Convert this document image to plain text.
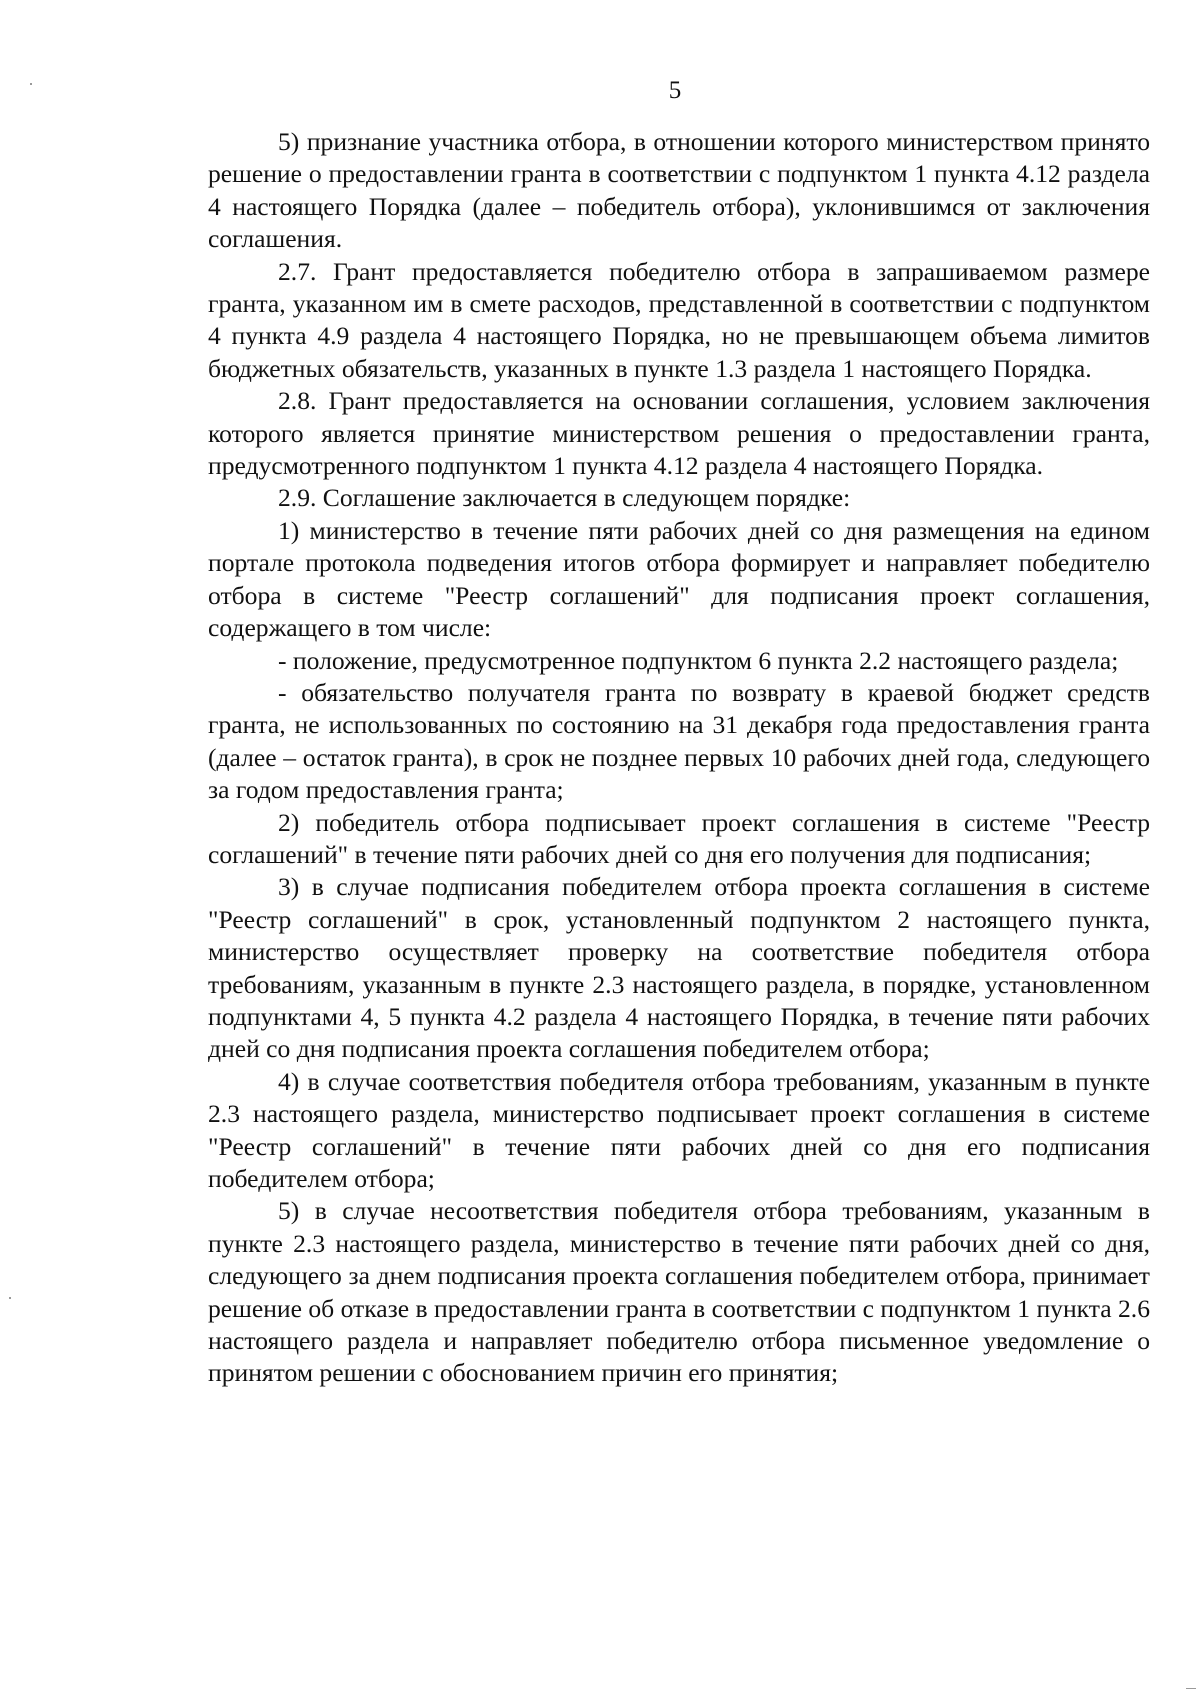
5

5) признание участника отбора, в отношении которого министерством принято решение о предоставлении гранта в соответствии с подпунктом 1 пункта 4.12 раздела 4 настоящего Порядка (далее – победитель отбора), уклонившимся от заключения соглашения.

2.7. Грант предоставляется победителю отбора в запрашиваемом размере гранта, указанном им в смете расходов, представленной в соответствии с подпунктом 4 пункта 4.9 раздела 4 настоящего Порядка, но не превышающем объема лимитов бюджетных обязательств, указанных в пункте 1.3 раздела 1 настоящего Порядка.

2.8. Грант предоставляется на основании соглашения, условием заключения которого является принятие министерством решения о предоставлении гранта, предусмотренного подпунктом 1 пункта 4.12 раздела 4 настоящего Порядка.

2.9. Соглашение заключается в следующем порядке:

1) министерство в течение пяти рабочих дней со дня размещения на едином портале протокола подведения итогов отбора формирует и направляет победителю отбора в системе "Реестр соглашений" для подписания проект соглашения, содержащего в том числе:

- положение, предусмотренное подпунктом 6 пункта 2.2 настоящего раздела;

- обязательство получателя гранта по возврату в краевой бюджет средств гранта, не использованных по состоянию на 31 декабря года предоставления гранта (далее – остаток гранта), в срок не позднее первых 10 рабочих дней года, следующего за годом предоставления гранта;

2) победитель отбора подписывает проект соглашения в системе "Реестр соглашений" в течение пяти рабочих дней со дня его получения для подписания;

3) в случае подписания победителем отбора проекта соглашения в системе "Реестр соглашений" в срок, установленный подпунктом 2 настоящего пункта, министерство осуществляет проверку на соответствие победителя отбора требованиям, указанным в пункте 2.3 настоящего раздела, в порядке, установленном подпунктами 4, 5 пункта 4.2 раздела 4 настоящего Порядка, в течение пяти рабочих дней со дня подписания проекта соглашения победителем отбора;

4) в случае соответствия победителя отбора требованиям, указанным в пункте 2.3 настоящего раздела, министерство подписывает проект соглашения в системе "Реестр соглашений" в течение пяти рабочих дней со дня его подписания победителем отбора;

5) в случае несоответствия победителя отбора требованиям, указанным в пункте 2.3 настоящего раздела, министерство в течение пяти рабочих дней со дня, следующего за днем подписания проекта соглашения победителем отбора, принимает решение об отказе в предоставлении гранта в соответствии с подпунктом 1 пункта 2.6 настоящего раздела и направляет победителю отбора письменное уведомление о принятом решении с обоснованием причин его принятия;
